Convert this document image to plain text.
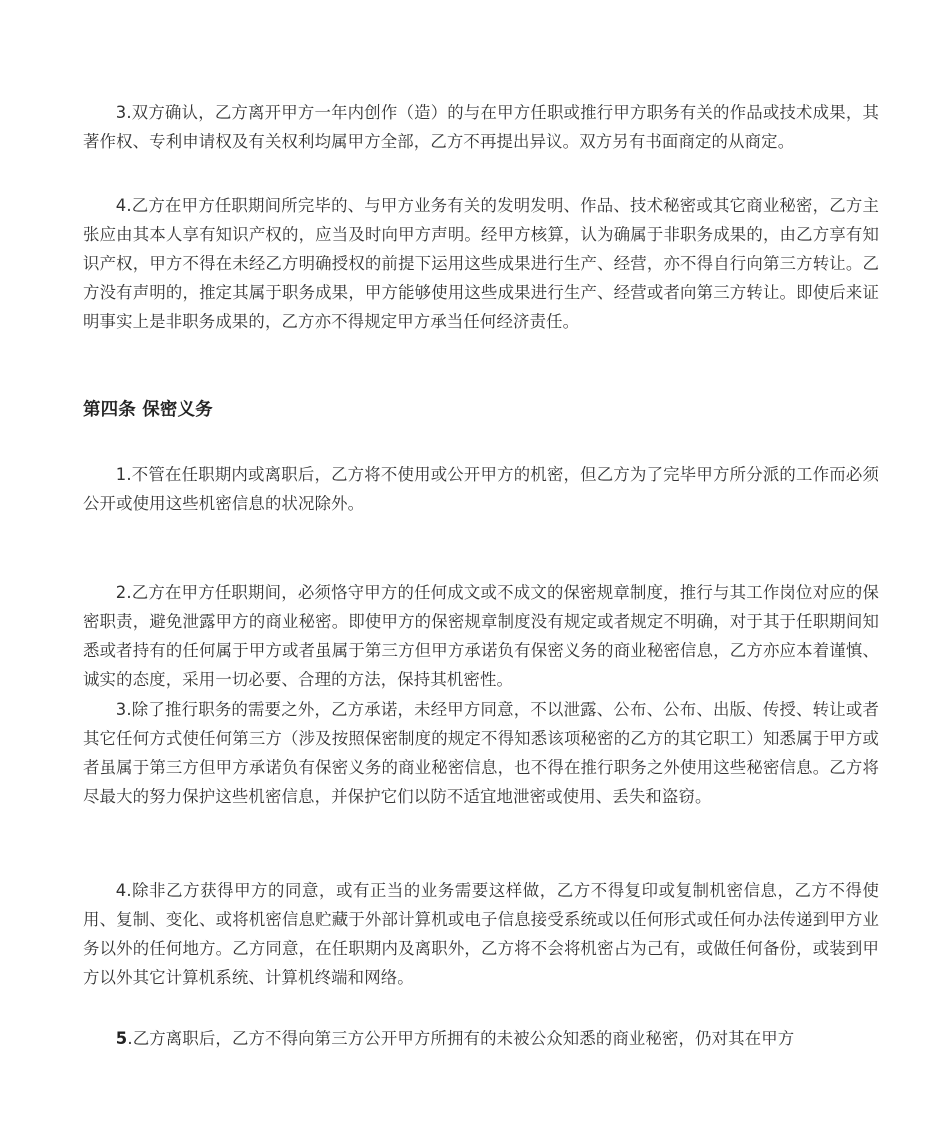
3.双方确认，乙方离开甲方一年内创作（造）的与在甲方任职或推行甲方职务有关的作品或技术成果，其著作权、专利申请权及有关权利均属甲方全部，乙方不再提出异议。双方另有书面商定的从商定。

4.乙方在甲方任职期间所完毕的、与甲方业务有关的发明发明、作品、技术秘密或其它商业秘密，乙方主张应由其本人享有知识产权的，应当及时向甲方声明。经甲方核算，认为确属于非职务成果的，由乙方享有知识产权，甲方不得在未经乙方明确授权的前提下运用这些成果进行生产、经营，亦不得自行向第三方转让。乙方没有声明的，推定其属于职务成果，甲方能够使用这些成果进行生产、经营或者向第三方转让。即使后来证明事实上是非职务成果的，乙方亦不得规定甲方承当任何经济责任。

第四条 保密义务

1.不管在任职期内或离职后，乙方将不使用或公开甲方的机密，但乙方为了完毕甲方所分派的工作而必须公开或使用这些机密信息的状况除外。

2.乙方在甲方任职期间，必须恪守甲方的任何成文或不成文的保密规章制度，推行与其工作岗位对应的保密职责，避免泄露甲方的商业秘密。即使甲方的保密规章制度没有规定或者规定不明确，对于其于任职期间知悉或者持有的任何属于甲方或者虽属于第三方但甲方承诺负有保密义务的商业秘密信息，乙方亦应本着谨慎、诚实的态度，采用一切必要、合理的方法，保持其机密性。

3.除了推行职务的需要之外，乙方承诺，未经甲方同意，不以泄露、公布、公布、出版、传授、转让或者其它任何方式使任何第三方（涉及按照保密制度的规定不得知悉该项秘密的乙方的其它职工）知悉属于甲方或者虽属于第三方但甲方承诺负有保密义务的商业秘密信息，也不得在推行职务之外使用这些秘密信息。乙方将尽最大的努力保护这些机密信息，并保护它们以防不适宜地泄密或使用、丢失和盗窃。

4.除非乙方获得甲方的同意，或有正当的业务需要这样做，乙方不得复印或复制机密信息，乙方不得使用、复制、变化、或将机密信息贮藏于外部计算机或电子信息接受系统或以任何形式或任何办法传递到甲方业务以外的任何地方。乙方同意，在任职期内及离职外，乙方将不会将机密占为己有，或做任何备份，或装到甲方以外其它计算机系统、计算机终端和网络。

5.乙方离职后，乙方不得向第三方公开甲方所拥有的未被公众知悉的商业秘密，仍对其在甲方
